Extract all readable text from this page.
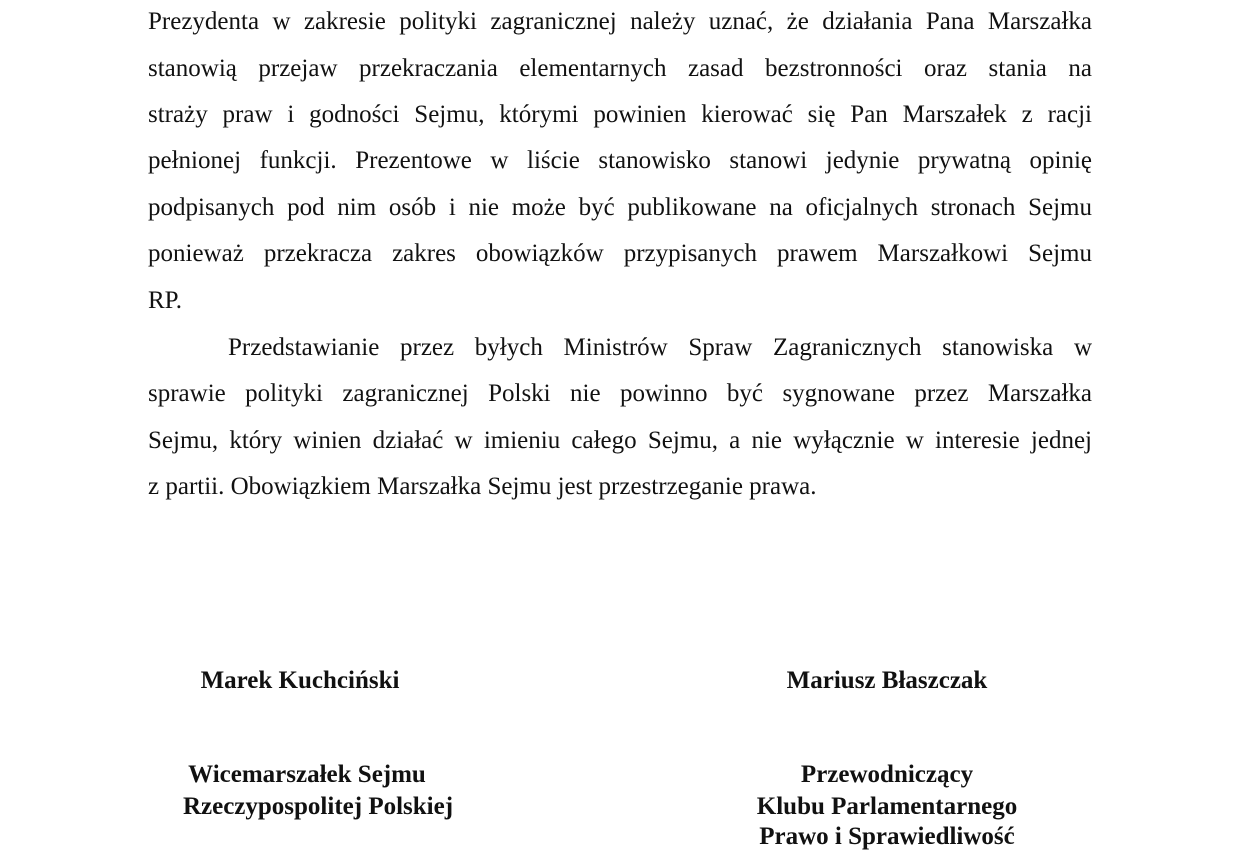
Prezydenta w zakresie polityki zagranicznej należy uznać, że działania Pana Marszałka
stanowią przejaw przekraczania elementarnych zasad bezstronności oraz stania na
straży praw i godności Sejmu, którymi powinien kierować się Pan Marszałek z racji
pełnionej funkcji. Prezentowe w liście stanowisko stanowi jedynie prywatną opinię
podpisanych pod nim osób i nie może być publikowane na oficjalnych stronach Sejmu
ponieważ przekracza zakres obowiązków przypisanych prawem Marszałkowi Sejmu
RP.
Przedstawianie przez byłych Ministrów Spraw Zagranicznych stanowiska w
sprawie polityki zagranicznej Polski nie powinno być sygnowane przez Marszałka
Sejmu, który winien działać w imieniu całego Sejmu, a nie wyłącznie w interesie jednej
z partii. Obowiązkiem Marszałka Sejmu jest przestrzeganie prawa.
Marek Kuchciński
Wicemarszałek Sejmu
Rzeczypospolitej Polskiej
Mariusz Błaszczak
Przewodniczący
Klubu Parlamentarnego
Prawo i Sprawiedliwość
